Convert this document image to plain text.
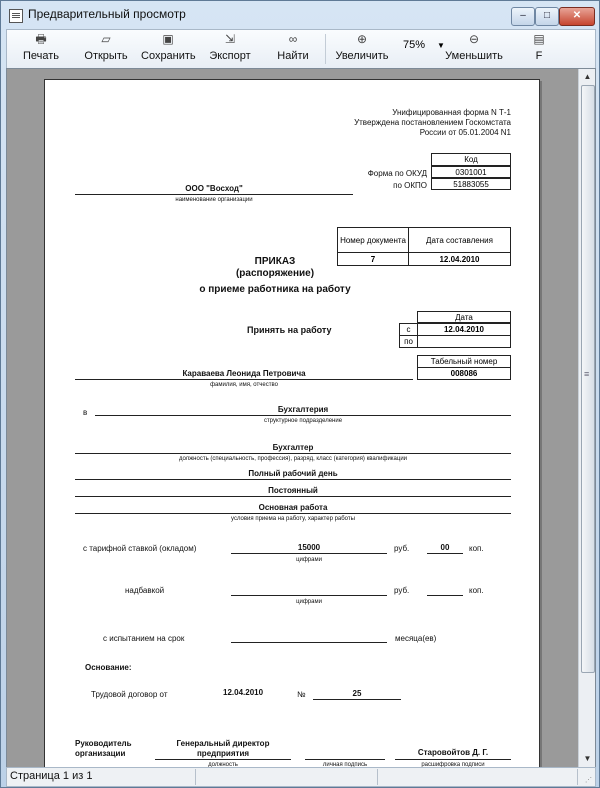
Предварительный просмотр	–	□	✕
🖶
Печать
▱
Открыть
▣
Сохранить
⇲
Экспорт
∞
Найти
⊕
Увеличить
75% ▼ ⊖
Уменьшить
▤
F
Унифицированная форма N Т-1
Утверждена постановлением Госкомстата
России от 05.01.2004 N1
Код
Форма по ОКУД	0301001
по ОКПО	51883055
ООО "Восход"
наименование организации
Номер документа	Дата составления
7	12.04.2010
ПРИКАЗ
(распоряжение)
о приеме работника на работу
Дата
Принять на работу	с	12.04.2010
по
Табельный номер
008086
Караваева Леонида Петровича
фамилия, имя, отчество
в	Бухгалтерия
структурное подразделение
Бухгалтер
должность (специальность, профессия), разряд, класс (категория) квалификации
Полный рабочий день
Постоянный
Основная работа
условия приема на работу, характер работы
с тарифной ставкой (окладом)	15000
цифрами
руб.	00	коп.
надбавкой
цифрами
руб.	коп.
с испытанием на срок	месяца(ев)
Основание:
Трудовой договор от	12.04.2010	№	25
Руководитель
организации
Генеральный директор
предприятия
должность	личная подпись
Старовойтов Д. Г.
расшифровка подписи
▲
≡
▼
Страница 1 из 1	⋰
